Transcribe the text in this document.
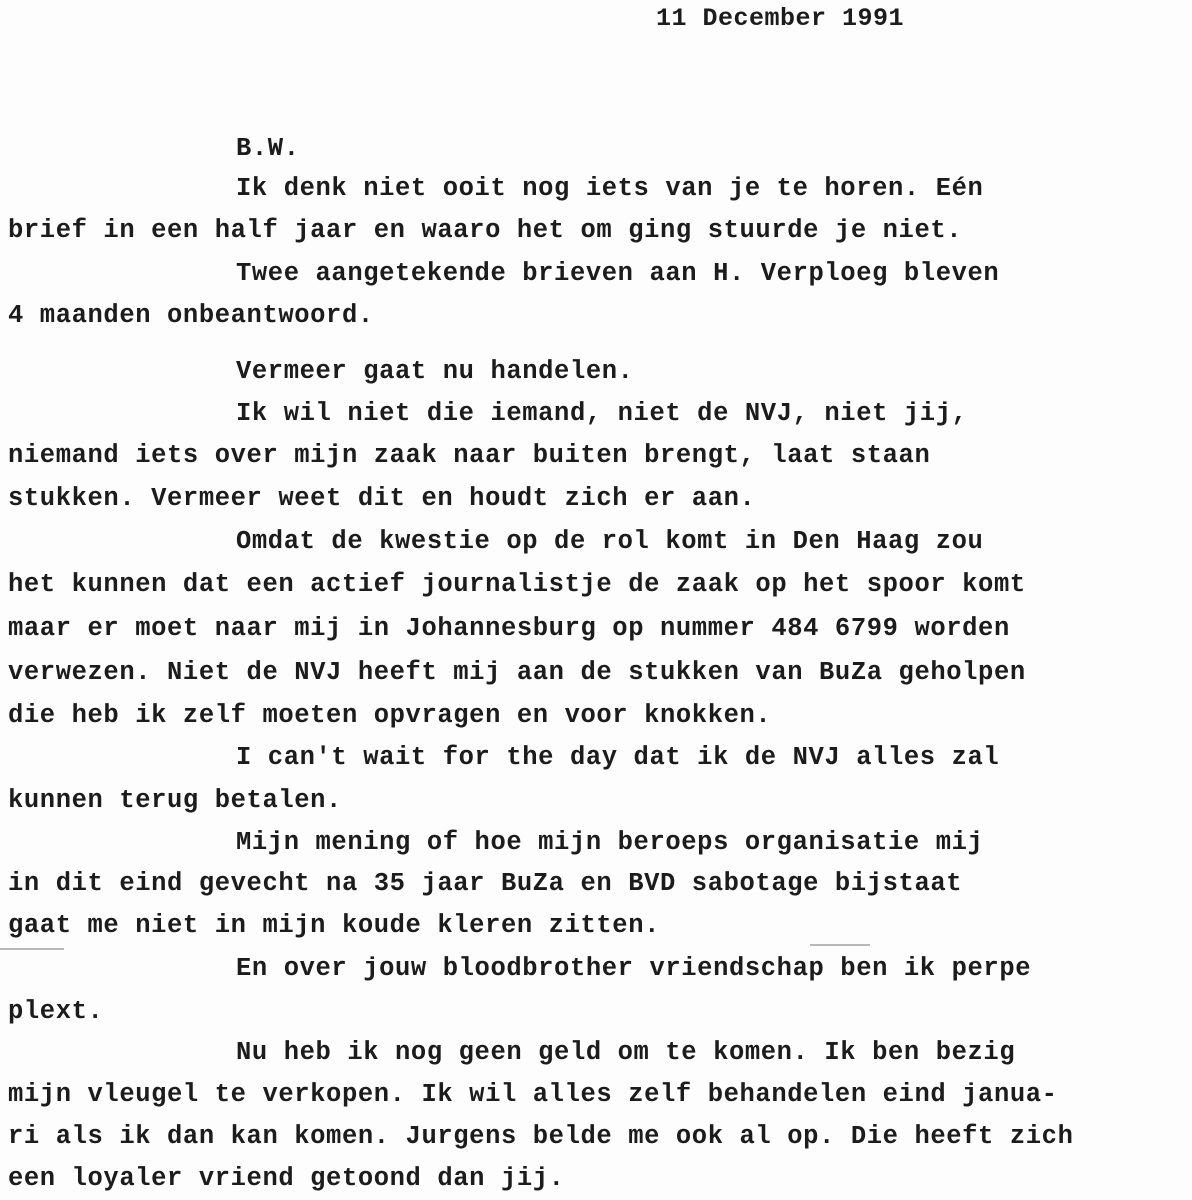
11 December 1991
B.W.
Ik denk niet ooit nog iets van je te horen. Eén
brief in een half jaar en waaro het om ging stuurde je niet.
Twee aangetekende brieven aan H. Verploeg bleven
4 maanden onbeantwoord.
Vermeer gaat nu handelen.
Ik wil niet die iemand, niet de NVJ, niet jij,
niemand iets over mijn zaak naar buiten brengt, laat staan
stukken. Vermeer weet dit en houdt zich er aan.
Omdat de kwestie op de rol komt in Den Haag zou
het kunnen dat een actief journalistje de zaak op het spoor komt
maar er moet naar mij in Johannesburg op nummer 484 6799 worden
verwezen. Niet de NVJ heeft mij aan de stukken van BuZa geholpen
die heb ik zelf moeten opvragen en voor knokken.
I can't wait for the day dat ik de NVJ alles zal
kunnen terug betalen.
Mijn mening of hoe mijn beroeps organisatie mij
in dit eind gevecht na 35 jaar BuZa en BVD sabotage bijstaat
gaat me niet in mijn koude kleren zitten.
En over jouw bloodbrother vriendschap ben ik perpe
plext.
Nu heb ik nog geen geld om te komen. Ik ben bezig
mijn vleugel te verkopen. Ik wil alles zelf behandelen eind janua-
ri als ik dan kan komen. Jurgens belde me ook al op. Die heeft zich
een loyaler vriend getoond dan jij.
